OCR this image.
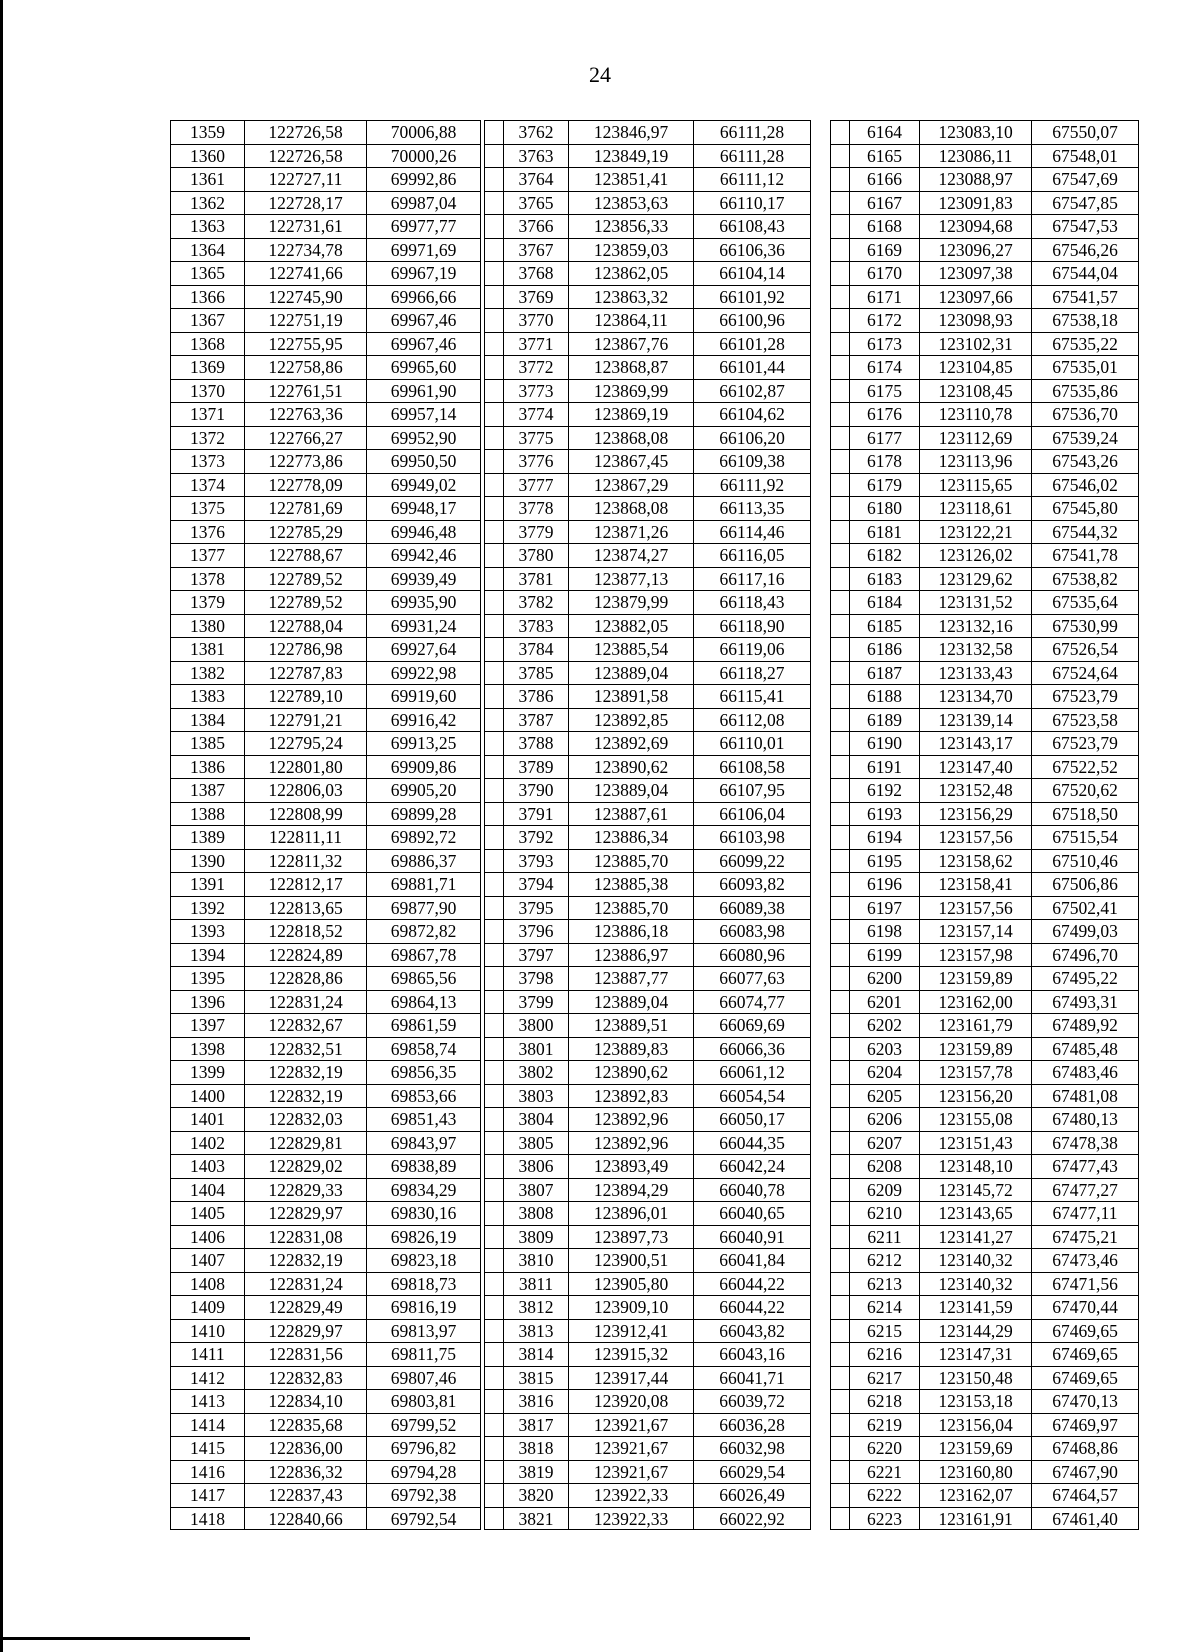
24
1359	122726,58	70006,88
1360	122726,58	70000,26
1361	122727,11	69992,86
1362	122728,17	69987,04
1363	122731,61	69977,77
1364	122734,78	69971,69
1365	122741,66	69967,19
1366	122745,90	69966,66
1367	122751,19	69967,46
1368	122755,95	69967,46
1369	122758,86	69965,60
1370	122761,51	69961,90
1371	122763,36	69957,14
1372	122766,27	69952,90
1373	122773,86	69950,50
1374	122778,09	69949,02
1375	122781,69	69948,17
1376	122785,29	69946,48
1377	122788,67	69942,46
1378	122789,52	69939,49
1379	122789,52	69935,90
1380	122788,04	69931,24
1381	122786,98	69927,64
1382	122787,83	69922,98
1383	122789,10	69919,60
1384	122791,21	69916,42
1385	122795,24	69913,25
1386	122801,80	69909,86
1387	122806,03	69905,20
1388	122808,99	69899,28
1389	122811,11	69892,72
1390	122811,32	69886,37
1391	122812,17	69881,71
1392	122813,65	69877,90
1393	122818,52	69872,82
1394	122824,89	69867,78
1395	122828,86	69865,56
1396	122831,24	69864,13
1397	122832,67	69861,59
1398	122832,51	69858,74
1399	122832,19	69856,35
1400	122832,19	69853,66
1401	122832,03	69851,43
1402	122829,81	69843,97
1403	122829,02	69838,89
1404	122829,33	69834,29
1405	122829,97	69830,16
1406	122831,08	69826,19
1407	122832,19	69823,18
1408	122831,24	69818,73
1409	122829,49	69816,19
1410	122829,97	69813,97
1411	122831,56	69811,75
1412	122832,83	69807,46
1413	122834,10	69803,81
1414	122835,68	69799,52
1415	122836,00	69796,82
1416	122836,32	69794,28
1417	122837,43	69792,38
1418	122840,66	69792,54
3762	123846,97	66111,28
3763	123849,19	66111,28
3764	123851,41	66111,12
3765	123853,63	66110,17
3766	123856,33	66108,43
3767	123859,03	66106,36
3768	123862,05	66104,14
3769	123863,32	66101,92
3770	123864,11	66100,96
3771	123867,76	66101,28
3772	123868,87	66101,44
3773	123869,99	66102,87
3774	123869,19	66104,62
3775	123868,08	66106,20
3776	123867,45	66109,38
3777	123867,29	66111,92
3778	123868,08	66113,35
3779	123871,26	66114,46
3780	123874,27	66116,05
3781	123877,13	66117,16
3782	123879,99	66118,43
3783	123882,05	66118,90
3784	123885,54	66119,06
3785	123889,04	66118,27
3786	123891,58	66115,41
3787	123892,85	66112,08
3788	123892,69	66110,01
3789	123890,62	66108,58
3790	123889,04	66107,95
3791	123887,61	66106,04
3792	123886,34	66103,98
3793	123885,70	66099,22
3794	123885,38	66093,82
3795	123885,70	66089,38
3796	123886,18	66083,98
3797	123886,97	66080,96
3798	123887,77	66077,63
3799	123889,04	66074,77
3800	123889,51	66069,69
3801	123889,83	66066,36
3802	123890,62	66061,12
3803	123892,83	66054,54
3804	123892,96	66050,17
3805	123892,96	66044,35
3806	123893,49	66042,24
3807	123894,29	66040,78
3808	123896,01	66040,65
3809	123897,73	66040,91
3810	123900,51	66041,84
3811	123905,80	66044,22
3812	123909,10	66044,22
3813	123912,41	66043,82
3814	123915,32	66043,16
3815	123917,44	66041,71
3816	123920,08	66039,72
3817	123921,67	66036,28
3818	123921,67	66032,98
3819	123921,67	66029,54
3820	123922,33	66026,49
3821	123922,33	66022,92
6164	123083,10	67550,07
6165	123086,11	67548,01
6166	123088,97	67547,69
6167	123091,83	67547,85
6168	123094,68	67547,53
6169	123096,27	67546,26
6170	123097,38	67544,04
6171	123097,66	67541,57
6172	123098,93	67538,18
6173	123102,31	67535,22
6174	123104,85	67535,01
6175	123108,45	67535,86
6176	123110,78	67536,70
6177	123112,69	67539,24
6178	123113,96	67543,26
6179	123115,65	67546,02
6180	123118,61	67545,80
6181	123122,21	67544,32
6182	123126,02	67541,78
6183	123129,62	67538,82
6184	123131,52	67535,64
6185	123132,16	67530,99
6186	123132,58	67526,54
6187	123133,43	67524,64
6188	123134,70	67523,79
6189	123139,14	67523,58
6190	123143,17	67523,79
6191	123147,40	67522,52
6192	123152,48	67520,62
6193	123156,29	67518,50
6194	123157,56	67515,54
6195	123158,62	67510,46
6196	123158,41	67506,86
6197	123157,56	67502,41
6198	123157,14	67499,03
6199	123157,98	67496,70
6200	123159,89	67495,22
6201	123162,00	67493,31
6202	123161,79	67489,92
6203	123159,89	67485,48
6204	123157,78	67483,46
6205	123156,20	67481,08
6206	123155,08	67480,13
6207	123151,43	67478,38
6208	123148,10	67477,43
6209	123145,72	67477,27
6210	123143,65	67477,11
6211	123141,27	67475,21
6212	123140,32	67473,46
6213	123140,32	67471,56
6214	123141,59	67470,44
6215	123144,29	67469,65
6216	123147,31	67469,65
6217	123150,48	67469,65
6218	123153,18	67470,13
6219	123156,04	67469,97
6220	123159,69	67468,86
6221	123160,80	67467,90
6222	123162,07	67464,57
6223	123161,91	67461,40
